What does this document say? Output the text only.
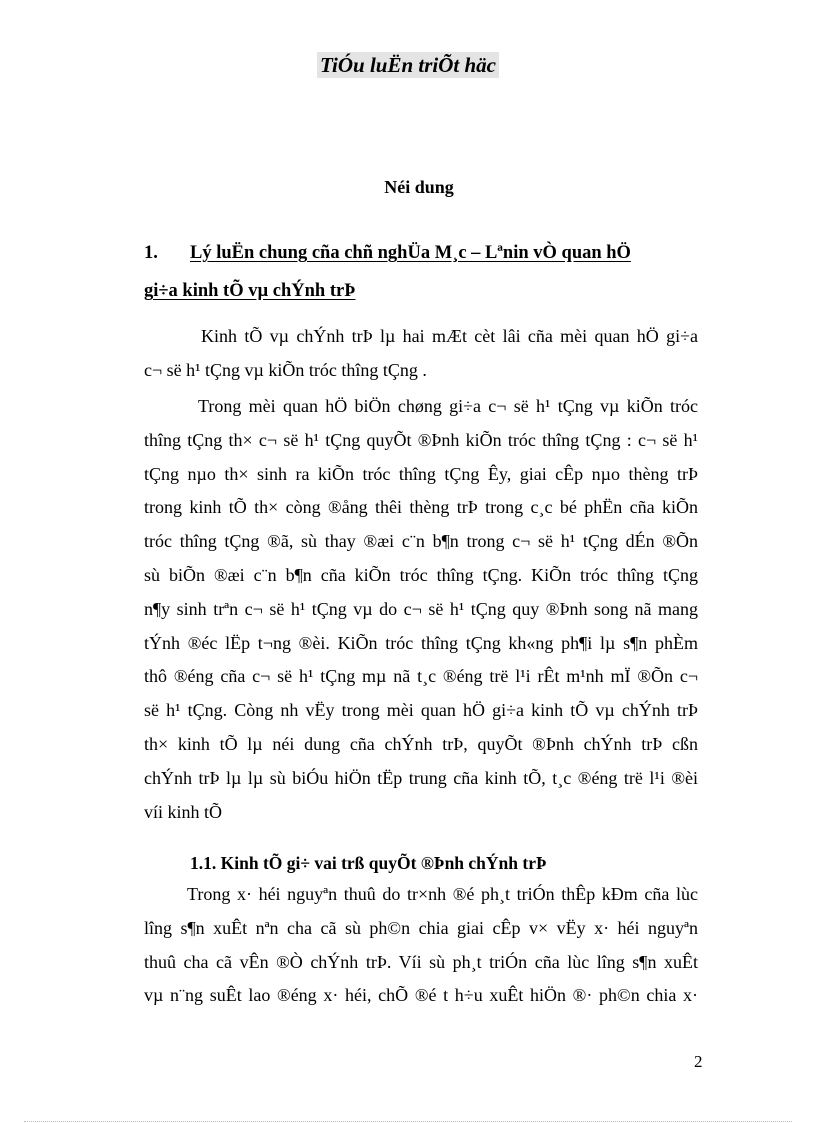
TiÓu luËn triÕt häc
Néi dung
1. Lý luËn chung cña chñ nghÜa M¸c – Lªnin vÒ quan hÖ
gi÷a kinh tÕ vµ chÝnh trÞ
Kinh tÕ vµ chÝnh trÞ lµ hai mÆt cèt lâi cña mèi quan hÖ gi÷a
c¬ së h¹ tÇng vµ kiÕn tróc thîng tÇng .
Trong mèi quan hÖ biÖn chøng gi÷a c¬ së h¹ tÇng vµ kiÕn tróc
thîng tÇng th× c¬ së h¹ tÇng quyÕt ®Þnh kiÕn tróc thîng tÇng : c¬ së h¹
tÇng nµo th× sinh ra kiÕn tróc thîng tÇng Êy, giai cÊp nµo thèng trÞ
trong kinh tÕ th× còng ®ång thêi thèng trÞ trong c¸c bé phËn cña kiÕn
tróc thîng tÇng ®ã, sù thay ®æi c¨n b¶n trong c¬ së h¹ tÇng dÉn ®Õn
sù biÕn ®æi c¨n b¶n cña kiÕn tróc thîng tÇng. KiÕn tróc thîng tÇng
n¶y sinh trªn c¬ së h¹ tÇng vµ do c¬ së h¹ tÇng quy ®Þnh song nã mang
tÝnh ®éc lËp t¬ng ®èi. KiÕn tróc thîng tÇng kh«ng ph¶i lµ s¶n phÈm
thô ®éng cña c¬ së h¹ tÇng mµ nã t¸c ®éng trë l¹i rÊt m¹nh mÏ ®Õn c¬
së h¹ tÇng. Còng nh vËy trong mèi quan hÖ gi÷a kinh tÕ vµ chÝnh trÞ
th× kinh tÕ lµ néi dung cña chÝnh trÞ, quyÕt ®Þnh chÝnh trÞ cßn
chÝnh trÞ lµ lµ sù biÓu hiÖn tËp trung cña kinh tÕ, t¸c ®éng trë l¹i ®èi
víi kinh tÕ
1.1. Kinh tÕ gi÷ vai trß quyÕt ®Þnh chÝnh trÞ
Trong x· héi nguyªn thuû do tr×nh ®é ph¸t triÓn thÊp kÐm cña lùc
lîng s¶n xuÊt nªn cha cã sù ph©n chia giai cÊp v× vËy x· héi nguyªn
thuû cha cã vÊn ®Ò chÝnh trÞ. Víi sù ph¸t triÓn cña lùc lîng s¶n xuÊt
vµ n¨ng suÊt lao ®éng x· héi, chÕ ®é t h÷u xuÊt hiÖn ®· ph©n chia x·
2
